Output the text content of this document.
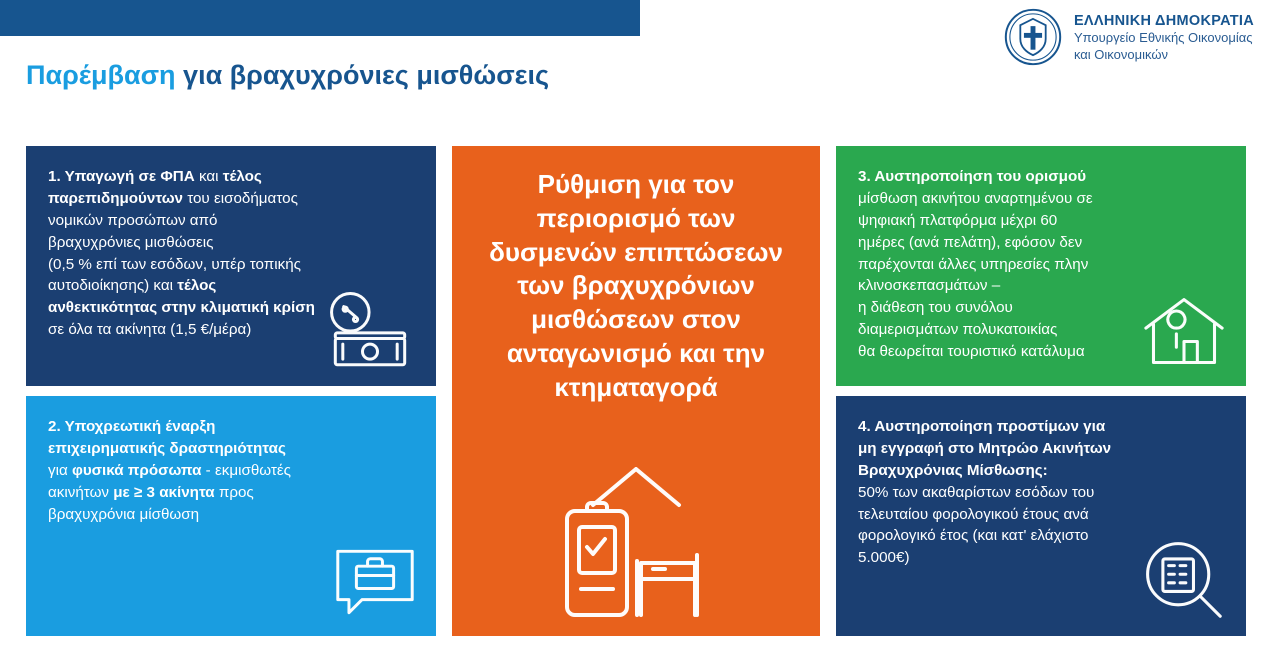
ΕΛΛΗΝΙΚΗ ΔΗΜΟΚΡΑΤΙΑ
Υπουργείο Εθνικής Οικονομίας
και Οικονομικών
Παρέμβαση για βραχυχρόνιες μισθώσεις
1. Υπαγωγή σε ΦΠΑ και τέλος
παρεπιδημούντων του εισοδήματος
νομικών προσώπων από
βραχυχρόνιες μισθώσεις
(0,5 % επί των εσόδων, υπέρ τοπικής
αυτοδιοίκησης) και τέλος
ανθεκτικότητας στην κλιματική κρίση
σε όλα τα ακίνητα (1,5 €/μέρα)
2. Υποχρεωτική έναρξη
επιχειρηματικής δραστηριότητας
για φυσικά πρόσωπα - εκμισθωτές
ακινήτων με ≥ 3 ακίνητα προς
βραχυχρόνια μίσθωση
Ρύθμιση για τον περιορισμό των δυσμενών επιπτώσεων των βραχυχρόνιων μισθώσεων στον ανταγωνισμό και την κτηματαγορά
3. Αυστηροποίηση του ορισμού
μίσθωση ακινήτου αναρτημένου σε
ψηφιακή πλατφόρμα μέχρι 60
ημέρες (ανά πελάτη), εφόσον δεν
παρέχονται άλλες υπηρεσίες πλην
κλινοσκεπασμάτων –
η διάθεση του συνόλου
διαμερισμάτων πολυκατοικίας
θα θεωρείται τουριστικό κατάλυμα
4. Αυστηροποίηση προστίμων για
μη εγγραφή στο Μητρώο Ακινήτων
Βραχυχρόνιας Μίσθωσης:
50% των ακαθαρίστων εσόδων του
τελευταίου φορολογικού έτους ανά
φορολογικό έτος (και κατ' ελάχιστο
5.000€)
